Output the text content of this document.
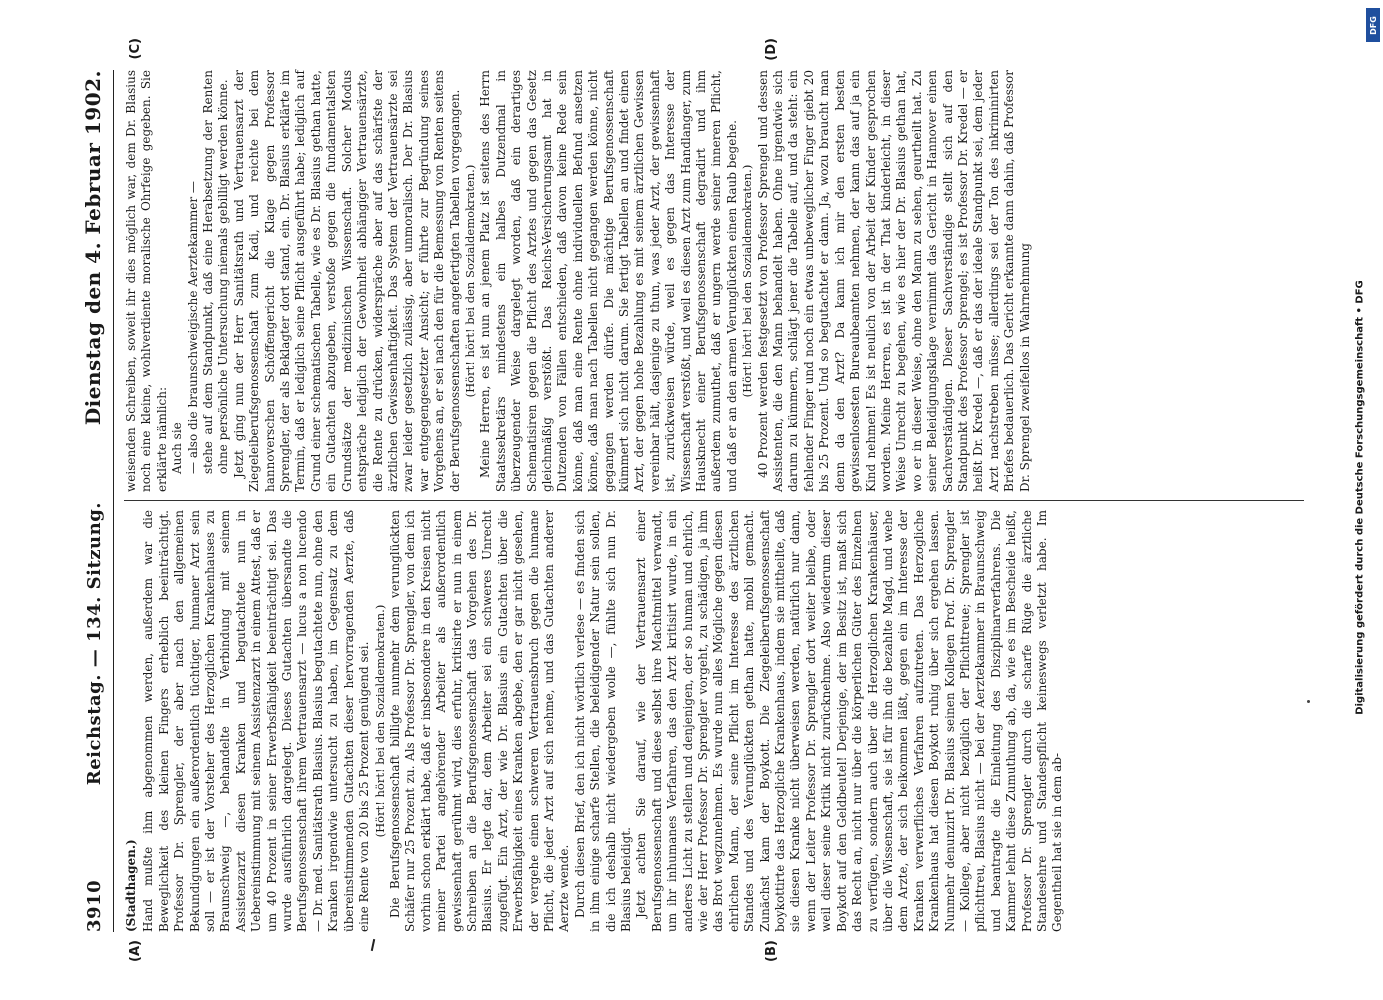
3910
Reichstag. — 134. Sitzung.
Dienstag den 4. Februar 1902.
(A)	(B)
(Stadthagen.) Hand mußte ihm abgenommen werden, außerdem war die Beweglichkeit des kleinen Fingers erheblich beeinträchtigt. Professor Dr. Sprengler, der aber nach den allgemeinen Bekundigungen ein außerordentlich tüchtiger, humaner Arzt sein soll — er ist der Vorsteher des Herzoglichen Krankenhauses zu Braunschweig —, behandelte in Verbindung mit seinem Assistenzarzt diesen Kranken und begutachtete nun in Uebereinstimmung mit seinem Assistenzarzt in einem Attest, daß er um 40 Prozent in seiner Erwerbsfähigkeit beeinträchtigt sei. Das wurde ausführlich dargelegt. Dieses Gutachten übersandte die Berufsgenossenschaft ihrem Vertrauensarzt — lucus a non lucendo — Dr. med. Sanitätsrath Blasius. Blasius begutachtete nun, ohne den Kranken irgendwie untersucht zu haben, im Gegensatz zu dem übereinstimmenden Gutachten dieser hervorragenden Aerzte, daß eine Rente von 20 bis 25 Prozent genügend sei. (Hört! hört! bei den Sozialdemokraten.) Die Berufsgenossenschaft billigte nunmehr dem verunglückten Schäfer nur 25 Prozent zu. Als Professor Dr. Sprengler, von dem ich vorhin schon erklärt habe, daß er insbesondere in den Kreisen nicht meiner Partei angehörender Arbeiter als außerordentlich gewissenhaft gerühmt wird, dies erfuhr, kritisirte er nun in einem Schreiben an die Berufsgenossenschaft das Vorgehen des Dr. Blasius. Er legte dar, dem Arbeiter sei ein schweres Unrecht zugefügt. Ein Arzt, der wie Dr. Blasius ein Gutachten über die Erwerbsfähigkeit eines Kranken abgebe, den er gar nicht gesehen, der vergehe einen schweren Vertrauensbruch gegen die humane Pflicht, die jeder Arzt auf sich nehme, und das Gutachten anderer Aerzte wende. Durch diesen Brief, den ich nicht wörtlich verlese — es finden sich in ihm einige scharfe Stellen, die beleidigender Natur sein sollen, die ich deshalb nicht wiedergeben wolle —, fühlte sich nun Dr. Blasius beleidigt. Jetzt achten Sie darauf, wie der Vertrauensarzt einer Berufsgenossenschaft und diese selbst ihre Machtmittel verwandt, um ihr inhumanes Verfahren, das den Arzt kritisirt wurde, in ein anderes Licht zu stellen und denjenigen, der so human und ehrlich, wie der Herr Professor Dr. Sprengler vorgeht, zu schädigen, ja ihm das Brot wegzunehmen. Es wurde nun alles Mögliche gegen diesen ehrlichen Mann, der seine Pflicht im Interesse des ärztlichen Standes und des Verunglückten gethan hatte, mobil gemacht. Zunächst kam der Boykott. Die Ziegeleiberufsgenossenschaft boykottirte das Herzogliche Krankenhaus, indem sie mittheilte, daß sie diesen Kranke nicht überweisen werden, natürlich nur dann, wenn der Leiter Professor Dr. Sprengler dort weiter bleibe, oder weil dieser seine Kritik nicht zurücknehme. Also wiederum dieser Boykott auf den Geldbeutel! Derjenige, der im Besitz ist, maßt sich das Recht an, nicht nur über die körperlichen Güter des Einzelnen zu verfügen, sondern auch über die Herzoglichen Krankenhäuser, über die Wissenschaft, sie ist für ihn die bezahlte Magd, und wehe dem Arzte, der sich beikommen läßt, gegen ein im Interesse der Kranken verwerfliches Verfahren aufzutreten. Das Herzogliche Krankenhaus hat diesen Boykott ruhig über sich ergehen lassen. Nunmehr denunzirt Dr. Blasius seinen Kollegen Prof. Dr. Sprengler — Kollege, aber nicht bezüglich der Pflichttreue; Sprengler ist pflichttreu, Blasius nicht — bei der Aerztekammer in Braunschweig und beantragte die Einleitung des Disziplinarverfahrens. Die Kammer lehnt diese Zumuthung ab, da, wie es im Bescheide heißt, Professor Dr. Sprengler durch die scharfe Rüge die ärztliche Standesehre und Standespflicht keineswegs verletzt habe. Im Gegentheil hat sie in dem ab-

(C)	(D)

weisenden Schreiben, soweit ihr dies möglich war, dem Dr. Blasius noch eine kleine, wohlverdiente moralische Ohrfeige gegeben. Sie erklärte nämlich: Auch sie — also die braunschweigische Aerztekammer — stehe auf dem Standpunkt, daß eine Herabsetzung der Renten ohne persönliche Untersuchung niemals gebilligt werden könne. Jetzt ging nun der Herr Sanitätsrath und Vertrauensarzt der Ziegeleiberufsgenossenschaft zum Kadi, und reichte bei dem hannoverschen Schöffengericht die Klage gegen Professor Sprengler, der als Beklagter dort stand, ein. Dr. Blasius erklärte im Termin, daß er lediglich seine Pflicht ausgeführt habe; lediglich auf Grund einer schematischen Tabelle, wie es Dr. Blasius gethan hatte, ein Gutachten abzugeben, verstoße gegen die fundamentalsten Grundsätze der medizinischen Wissenschaft. Solcher Modus entspräche lediglich der Gewohnheit abhängiger Vertrauensärzte, die Rente zu drücken, widerspräche aber auf das schärfste der ärztlichen Gewissenhaftigkeit. Das System der Vertrauensärzte sei zwar leider gesetzlich zulässig, aber unmoralisch. Der Dr. Blasius war entgegengesetzter Ansicht; er führte zur Begründung seines Vorgehens an, er sei nach den für die Bemessung von Renten seitens der Berufsgenossenschaften angefertigten Tabellen vorgegangen. (Hört! hört! bei den Sozialdemokraten.) Meine Herren, es ist nun an jenem Platz ist seitens des Herrn Staatssekretärs mindestens ein halbes Dutzendmal in überzeugender Weise dargelegt worden, daß ein derartiges Schematisiren gegen die Pflicht des Arztes und gegen das Gesetz gleichmäßig verstößt. Das Reichs-Versicherungsamt hat in Dutzenden von Fällen entschieden, daß davon keine Rede sein könne, daß man eine Rente ohne individuellen Befund ansetzen könne, daß man nach Tabellen nicht gegangen werden könne, nicht gegangen werden dürfe. Die mächtige Berufsgenossenschaft kümmert sich nicht darum. Sie fertigt Tabellen an und findet einen Arzt, der gegen hohe Bezahlung es mit seinem ärztlichen Gewissen vereinbar hält, dasjenige zu thun, was jeder Arzt, der gewissenhaft ist, zurückweisen würde, weil es gegen das Interesse der Wissenschaft verstößt, und weil es diesen Arzt zum Handlanger, zum Hausknecht einer Berufsgenossenschaft degradirt und ihm außerdem zumuthet, daß er ungern werde seiner inneren Pflicht, und daß er an den armen Verunglückten einen Raub begehe. (Hört! hört! bei den Sozialdemokraten.) 40 Prozent werden festgesetzt von Professor Sprengel und dessen Assistenten, die den Mann behandelt haben. Ohne irgendwie sich darum zu kümmern, schlägt jener die Tabelle auf, und da steht: ein fehlender Finger und noch ein etwas unbeweglicher Finger giebt 20 bis 25 Prozent. Und so begutachtet er dann. Ja, wozu braucht man denn da den Arzt? Da kann ich mir den ersten besten gewissenlosesten Bureaubeamten nehmen, der kann das auf ja ein Kind nehmen! Es ist neulich von der Arbeit der Kinder gesprochen worden. Meine Herren, es ist in der That kinderleicht, in dieser Weise Unrecht zu begehen, wie es hier der Dr. Blasius gethan hat, wo er in dieser Weise, ohne den Mann zu sehen, geurtheilt hat. Zu seiner Beleidigungsklage vernimmt das Gericht in Hannover einen Sachverständigen. Dieser Sachverständige stellt sich auf den Standpunkt des Professor Sprengel; es ist Professor Dr. Kredel — er heißt Dr. Kredel —, daß er das der ideale Standpunkt sei, dem jeder Arzt nachstreben müsse; allerdings sei der Ton des inkriminirten Briefes bedauerlich. Das Gericht erkannte dann dahin, daß Professor Dr. Sprengel zweifellos in Wahrnehmung	Digitalisierung gefördert durch die Deutsche Forschungsgemeinschaft • DFG
DFG
